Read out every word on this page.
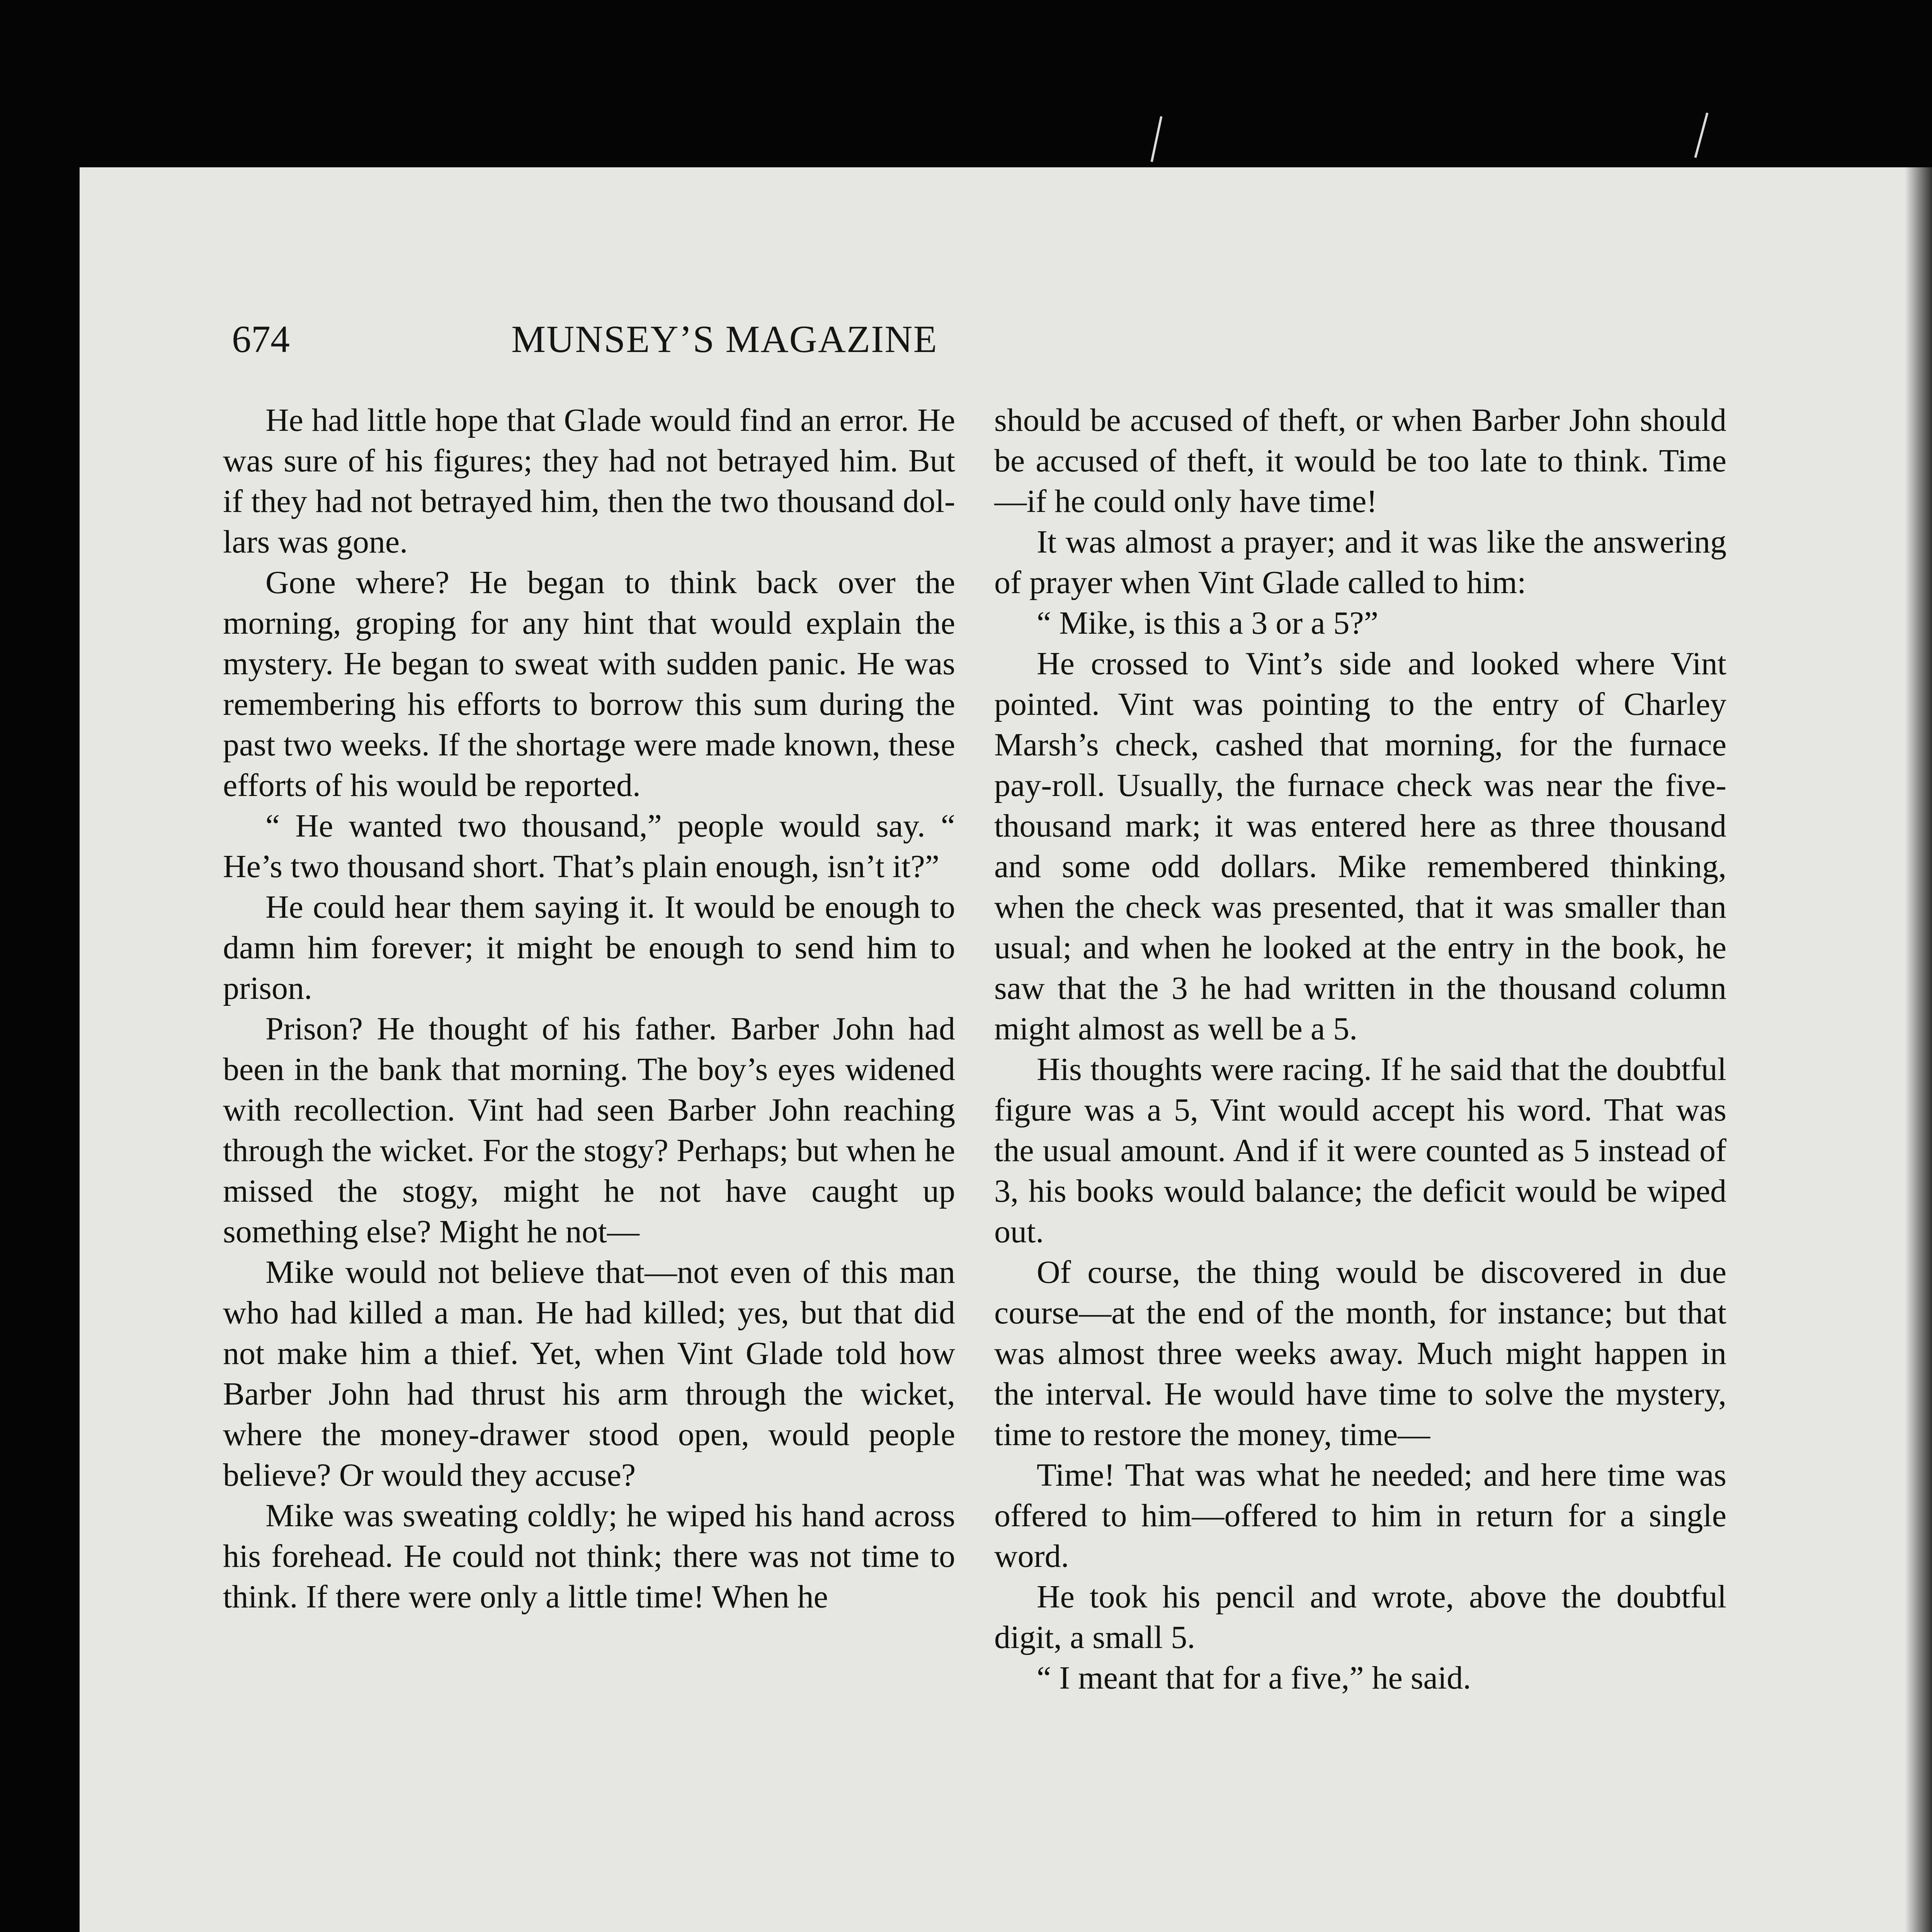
674	MUNSEY’S MAGAZINE

He had little hope that Glade would find an error. He was sure of his figures; they had not betrayed him. But if they had not betrayed him, then the two thousand dollars was gone.

Gone where? He began to think back over the morning, groping for any hint that would explain the mystery. He began to sweat with sudden panic. He was remembering his efforts to borrow this sum during the past two weeks. If the shortage were made known, these efforts of his would be reported.

“ He wanted two thousand,” people would say. “ He’s two thousand short. That’s plain enough, isn’t it?”

He could hear them saying it. It would be enough to damn him forever; it might be enough to send him to prison.

Prison? He thought of his father. Barber John had been in the bank that morning. The boy’s eyes widened with recollection. Vint had seen Barber John reaching through the wicket. For the stogy? Perhaps; but when he missed the stogy, might he not have caught up something else? Might he not—

Mike would not believe that—not even of this man who had killed a man. He had killed; yes, but that did not make him a thief. Yet, when Vint Glade told how Barber John had thrust his arm through the wicket, where the money-drawer stood open, would people believe? Or would they accuse?

Mike was sweating coldly; he wiped his hand across his forehead. He could not think; there was not time to think. If there were only a little time! When he

should be accused of theft, or when Barber John should be accused of theft, it would be too late to think. Time—if he could only have time!

It was almost a prayer; and it was like the answering of prayer when Vint Glade called to him:

“ Mike, is this a 3 or a 5?”

He crossed to Vint’s side and looked where Vint pointed. Vint was pointing to the entry of Charley Marsh’s check, cashed that morning, for the furnace pay-roll. Usually, the furnace check was near the five-thousand mark; it was entered here as three thousand and some odd dollars. Mike remembered thinking, when the check was presented, that it was smaller than usual; and when he looked at the entry in the book, he saw that the 3 he had written in the thousand column might almost as well be a 5.

His thoughts were racing. If he said that the doubtful figure was a 5, Vint would accept his word. That was the usual amount. And if it were counted as 5 instead of 3, his books would balance; the deficit would be wiped out.

Of course, the thing would be discovered in due course—at the end of the month, for instance; but that was almost three weeks away. Much might happen in the interval. He would have time to solve the mystery, time to restore the money, time—

Time! That was what he needed; and here time was offered to him—offered to him in return for a single word.

He took his pencil and wrote, above the doubtful digit, a small 5.

“ I meant that for a five,” he said.
